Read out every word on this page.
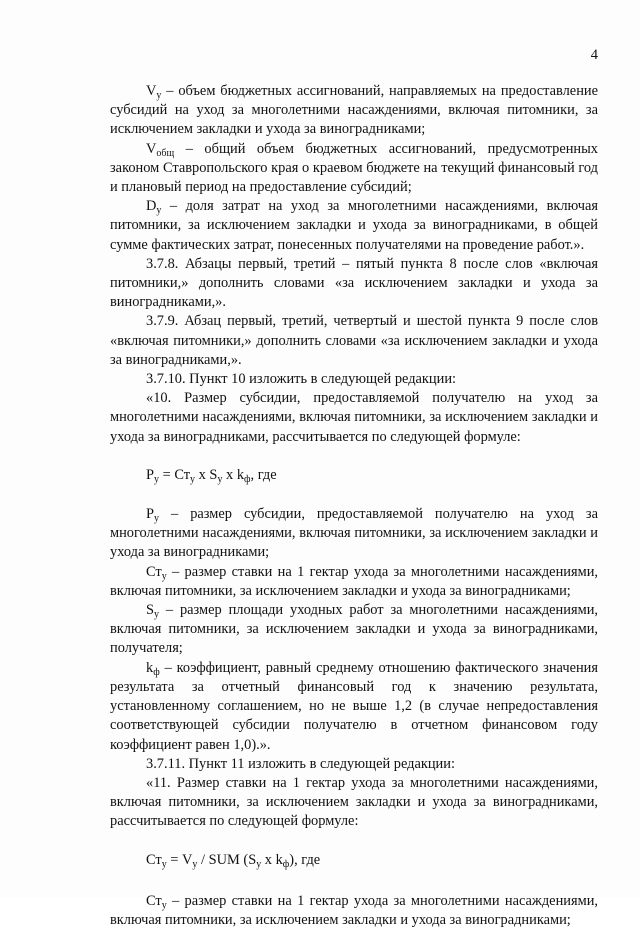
4

$V_у$ – объем бюджетных ассигнований, направляемых на предоставление субсидий на уход за многолетними насаждениями, включая питомники, за исключением закладки и ухода за виноградниками;

$V_{общ}$ – общий объем бюджетных ассигнований, предусмотренных законом Ставропольского края о краевом бюджете на текущий финансовый год и плановый период на предоставление субсидий;

$D_у$ – доля затрат на уход за многолетними насаждениями, включая питомники, за исключением закладки и ухода за виноградниками, в общей сумме фактических затрат, понесенных получателями на проведение работ.».

3.7.8. Абзацы первый, третий – пятый пункта 8 после слов «включая питомники,» дополнить словами «за исключением закладки и ухода за виноградниками,».

3.7.9. Абзац первый, третий, четвертый и шестой пункта 9 после слов «включая питомники,» дополнить словами «за исключением закладки и ухода за виноградниками,».

3.7.10. Пункт 10 изложить в следующей редакции:

«10. Размер субсидии, предоставляемой получателю на уход за многолетними насаждениями, включая питомники, за исключением закладки и ухода за виноградниками, рассчитывается по следующей формуле:

$P_у = Ст_у$ x $S_у$ x $k_ф$, где

$P_у$ – размер субсидии, предоставляемой получателю на уход за многолетними насаждениями, включая питомники, за исключением закладки и ухода за виноградниками;

$Ст_у$ – размер ставки на 1 гектар ухода за многолетними насаждениями, включая питомники, за исключением закладки и ухода за виноградниками;

$S_у$ – размер площади уходных работ за многолетними насаждениями, включая питомники, за исключением закладки и ухода за виноградниками, получателя;

$k_ф$ – коэффициент, равный среднему отношению фактического значения результата за отчетный финансовый год к значению результата, установленному соглашением, но не выше 1,2 (в случае непредоставления соответствующей субсидии получателю в отчетном финансовом году коэффициент равен 1,0).».

3.7.11. Пункт 11 изложить в следующей редакции:

«11. Размер ставки на 1 гектар ухода за многолетними насаждениями, включая питомники, за исключением закладки и ухода за виноградниками, рассчитывается по следующей формуле:

$Ст_у = V_у$ / SUM ($S_у$ x $k_ф$), где

$Ст_у$ – размер ставки на 1 гектар ухода за многолетними насаждениями, включая питомники, за исключением закладки и ухода за виноградниками;
